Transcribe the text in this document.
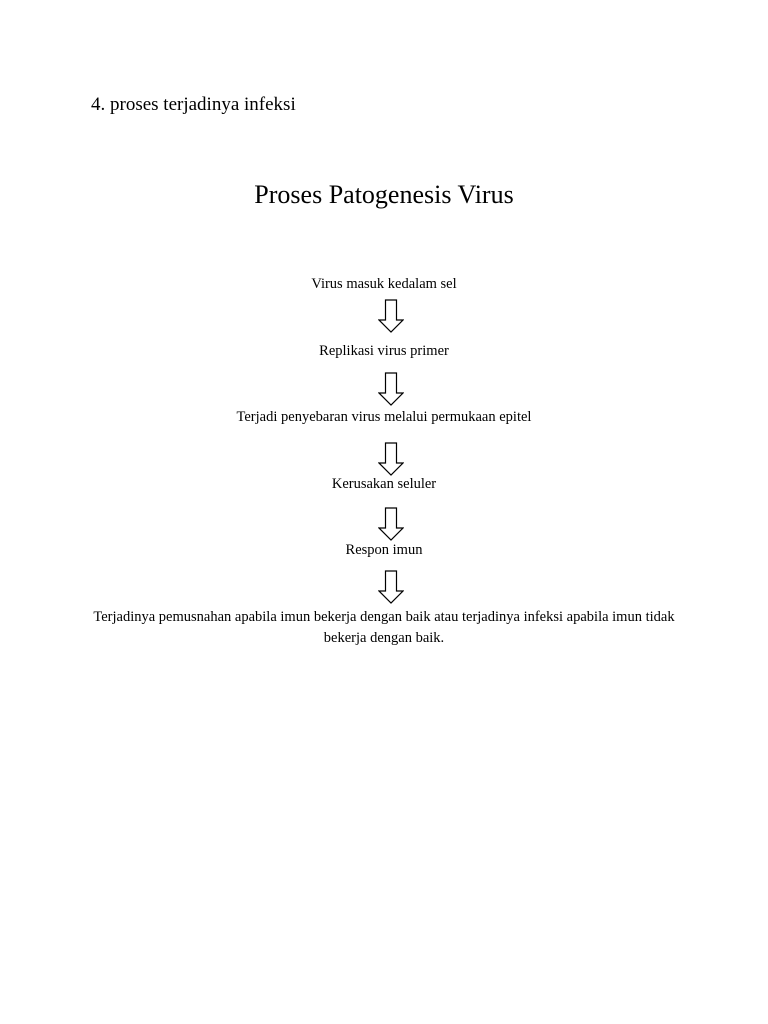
4. proses terjadinya infeksi
Proses Patogenesis Virus
Virus masuk kedalam sel
Replikasi virus primer
Terjadi penyebaran virus melalui permukaan epitel
Kerusakan seluler
Respon imun
Terjadinya pemusnahan apabila imun bekerja dengan baik atau terjadinya infeksi apabila imun tidak bekerja dengan baik.
